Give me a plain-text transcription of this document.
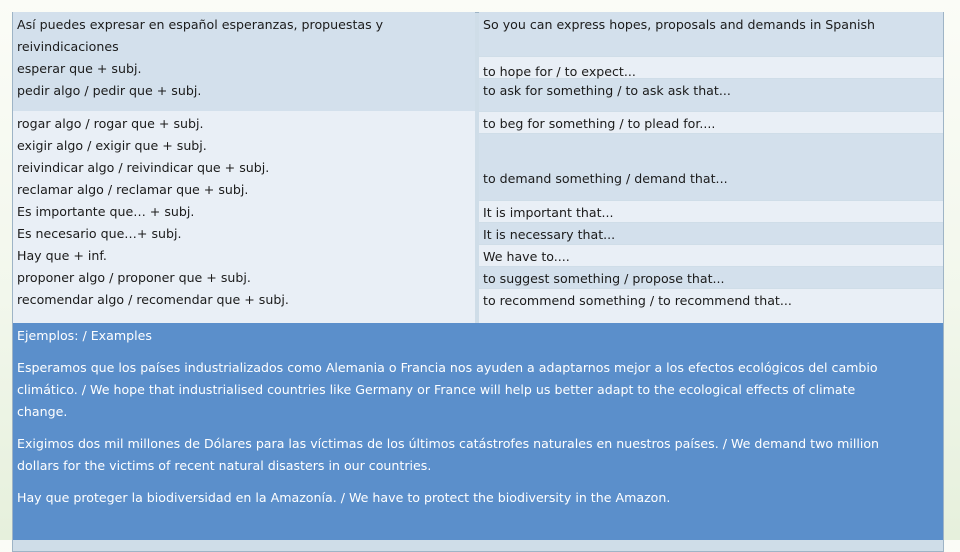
Así puedes expresar en español esperanzas, propuestas y
reivindicaciones
esperar que + subj.
pedir algo / pedir que + subj.
rogar algo / rogar que + subj.
exigir algo / exigir que + subj.
reivindicar algo / reivindicar que + subj.
reclamar algo / reclamar que + subj.
Es importante que… + subj.
Es necesario que…+ subj.
Hay que + inf.
proponer algo / proponer que + subj.
recomendar algo / recomendar que + subj.
So you can express hopes, proposals and demands in Spanish
to hope for / to expect...
to ask for something / to ask ask that...
to beg for something / to plead for....
to demand something / demand that...
It is important that...
It is necessary that...
We have to....
to suggest something / propose that...
to recommend something / to recommend that...

Ejemplos: / Examples

Esperamos que los países industrializados como Alemania o Francia nos ayuden a adaptarnos mejor a los efectos ecológicos del cambio
climático. / We hope that industrialised countries like Germany or France will help us better adapt to the ecological effects of climate
change.

Exigimos dos mil millones de Dólares para las víctimas de los últimos catástrofes naturales en nuestros países. / We demand two million
dollars for the victims of recent natural disasters in our countries.

Hay que proteger la biodiversidad en la Amazonía. / We have to protect the biodiversity in the Amazon.
